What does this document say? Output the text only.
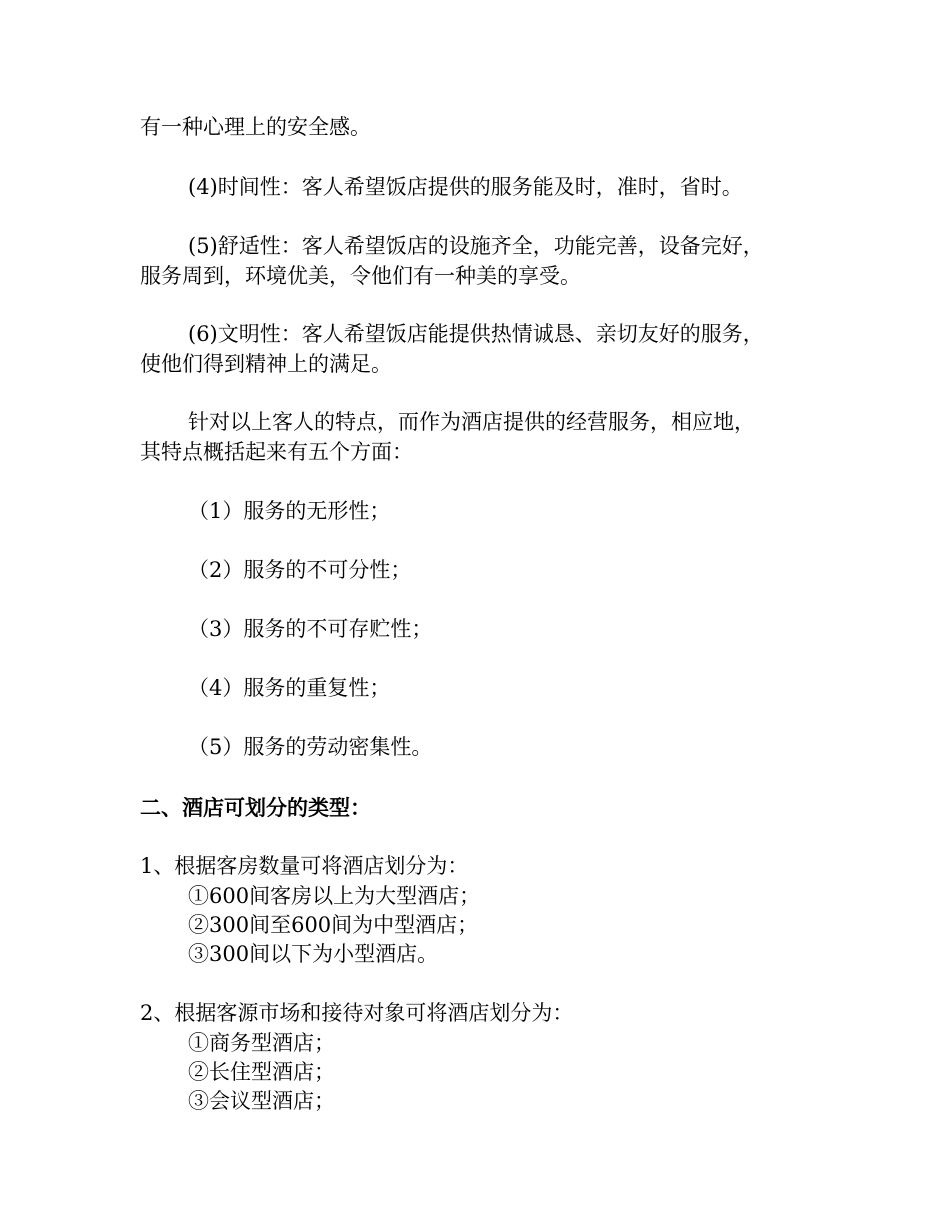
有一种心理上的安全感。
(4)时间性：客人希望饭店提供的服务能及时，准时，省时。
(5)舒适性：客人希望饭店的设施齐全，功能完善，设备完好，
服务周到，环境优美，令他们有一种美的享受。
(6)文明性：客人希望饭店能提供热情诚恳、亲切友好的服务，
使他们得到精神上的满足。
针对以上客人的特点，而作为酒店提供的经营服务，相应地，
其特点概括起来有五个方面：
（1）服务的无形性；
（2）服务的不可分性；
（3）服务的不可存贮性；
（4）服务的重复性；
（5）服务的劳动密集性。
二、酒店可划分的类型：
1、根据客房数量可将酒店划分为：
①600间客房以上为大型酒店；
②300间至600间为中型酒店；
③300间以下为小型酒店。
2、根据客源市场和接待对象可将酒店划分为：
①商务型酒店；
②长住型酒店；
③会议型酒店；
